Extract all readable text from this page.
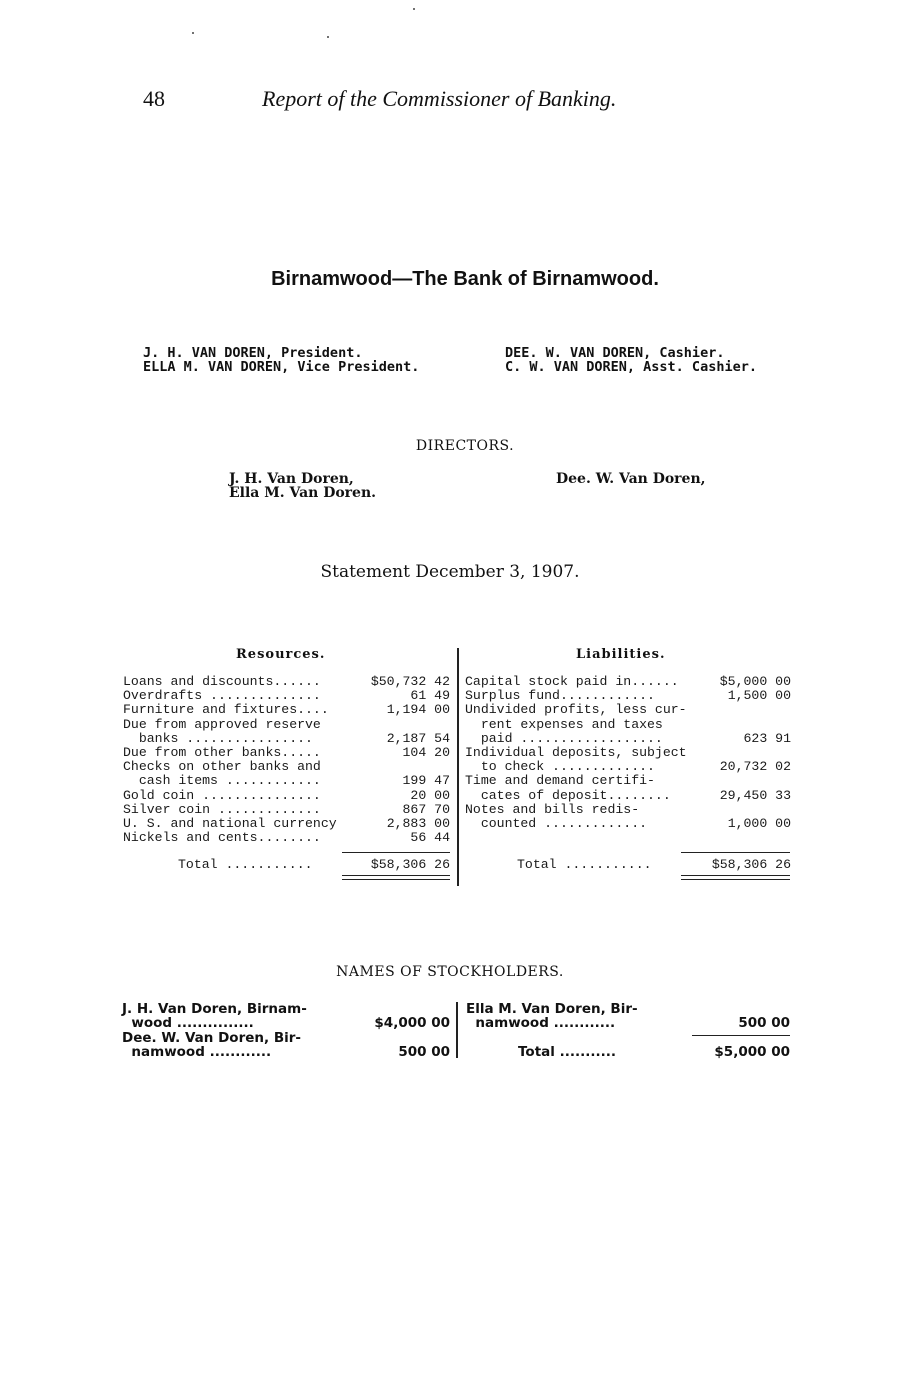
48	Report of the Commissioner of Banking.
Birnamwood—The Bank of Birnamwood.
J. H. VAN DOREN, President.
ELLA M. VAN DOREN, Vice President.
DEE. W. VAN DOREN, Cashier.
C. W. VAN DOREN, Asst. Cashier.
DIRECTORS.
J. H. Van Doren,
Ella M. Van Doren.
Dee. W. Van Doren,
Statement December 3, 1907.
Resources.	Liabilities.
Loans and discounts......	$50,732 42
Overdrafts ..............	61 49
Furniture and fixtures....	1,194 00
Due from approved reserve
banks ................	2,187 54
Due from other banks.....	104 20
Checks on other banks and
cash items ............	199 47
Gold coin ...............	20 00
Silver coin .............	867 70
U. S. and national currency	2,883 00
Nickels and cents........	56 44
Capital stock paid in......	$5,000 00
Surplus fund............	1,500 00
Undivided profits, less cur-
rent expenses and taxes
paid ..................	623 91
Individual deposits, subject
to check .............	20,732 02
Time and demand certifi-
cates of deposit........	29,450 33
Notes and bills redis-
counted .............	1,000 00
Total ...........	$58,306 26	Total ...........	$58,306 26
NAMES OF STOCKHOLDERS.
J. H. Van Doren, Birnam-
wood ...............	$4,000 00
Dee. W. Van Doren, Bir-
namwood ............	500 00
Ella M. Van Doren, Bir-
namwood ............	500 00
Total ...........	$5,000 00
